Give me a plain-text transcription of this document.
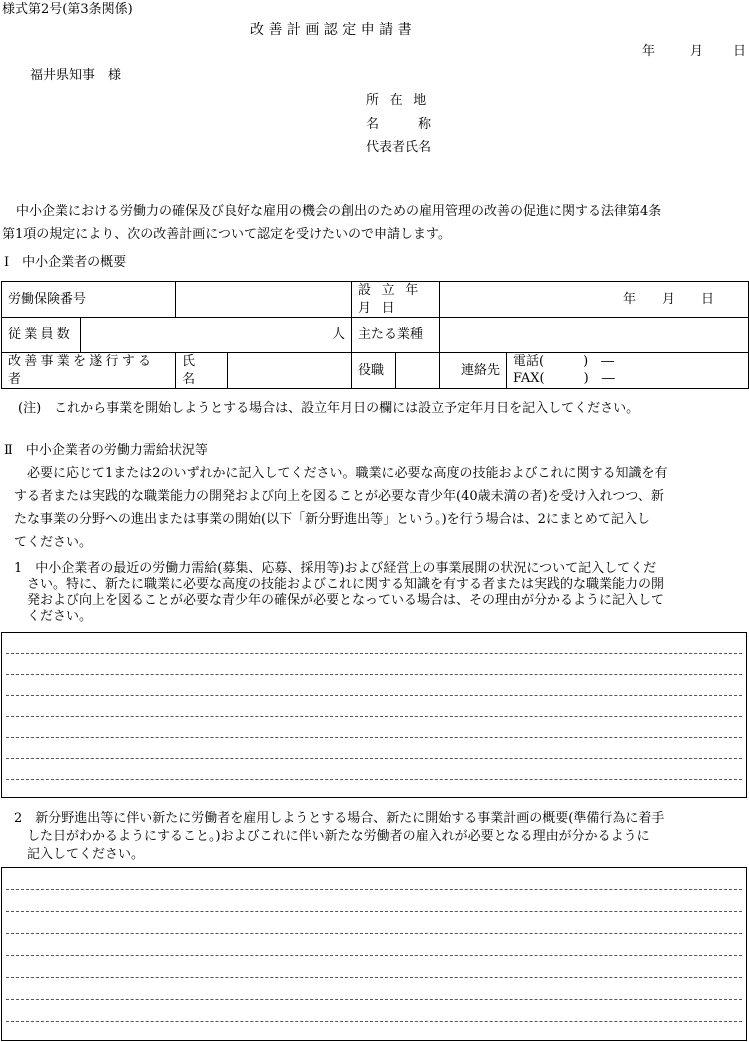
様式第2号(第3条関係)
改 善 計 画 認 定 申 請 書
年	月 日
福井県知事　様
所 在 地
名　　　称
代表者氏名
中小企業における労働力の確保及び良好な雇用の機会の創出のための雇用管理の改善の促進に関する法律第4条
第1項の規定により、次の改善計画について認定を受けたいので申請します。
Ⅰ　中小企業者の概要
労働保険番号				設 立 年 月 日		年　　月　　日	
従業員数	人			主たる業種			
改善事業を遂行する者		氏 名		役職		連絡先	電話(　　　)　―
FAX(　　　)　―
(注)　これから事業を開始しようとする場合は、設立年月日の欄には設立予定年月日を記入してください。
Ⅱ　中小企業者の労働力需給状況等
　必要に応じて1または2のいずれかに記入してください。職業に必要な高度の技能およびこれに関する知識を有
する者または実践的な職業能力の開発および向上を図ることが必要な青少年(40歳未満の者)を受け入れつつ、新
たな事業の分野への進出または事業の開始(以下「新分野進出等」という。)を行う場合は、2にまとめて記入し
てください。
1　中小企業者の最近の労働力需給(募集、応募、採用等)および経営上の事業展開の状況について記入してくだ
　さい。特に、新たに職業に必要な高度の技能およびこれに関する知識を有する者または実践的な職業能力の開
　発および向上を図ることが必要な青少年の確保が必要となっている場合は、その理由が分かるように記入して
　ください。
2　新分野進出等に伴い新たに労働者を雇用しようとする場合、新たに開始する事業計画の概要(準備行為に着手
　した日がわかるようにすること。)およびこれに伴い新たな労働者の雇入れが必要となる理由が分かるように
　記入してください。
